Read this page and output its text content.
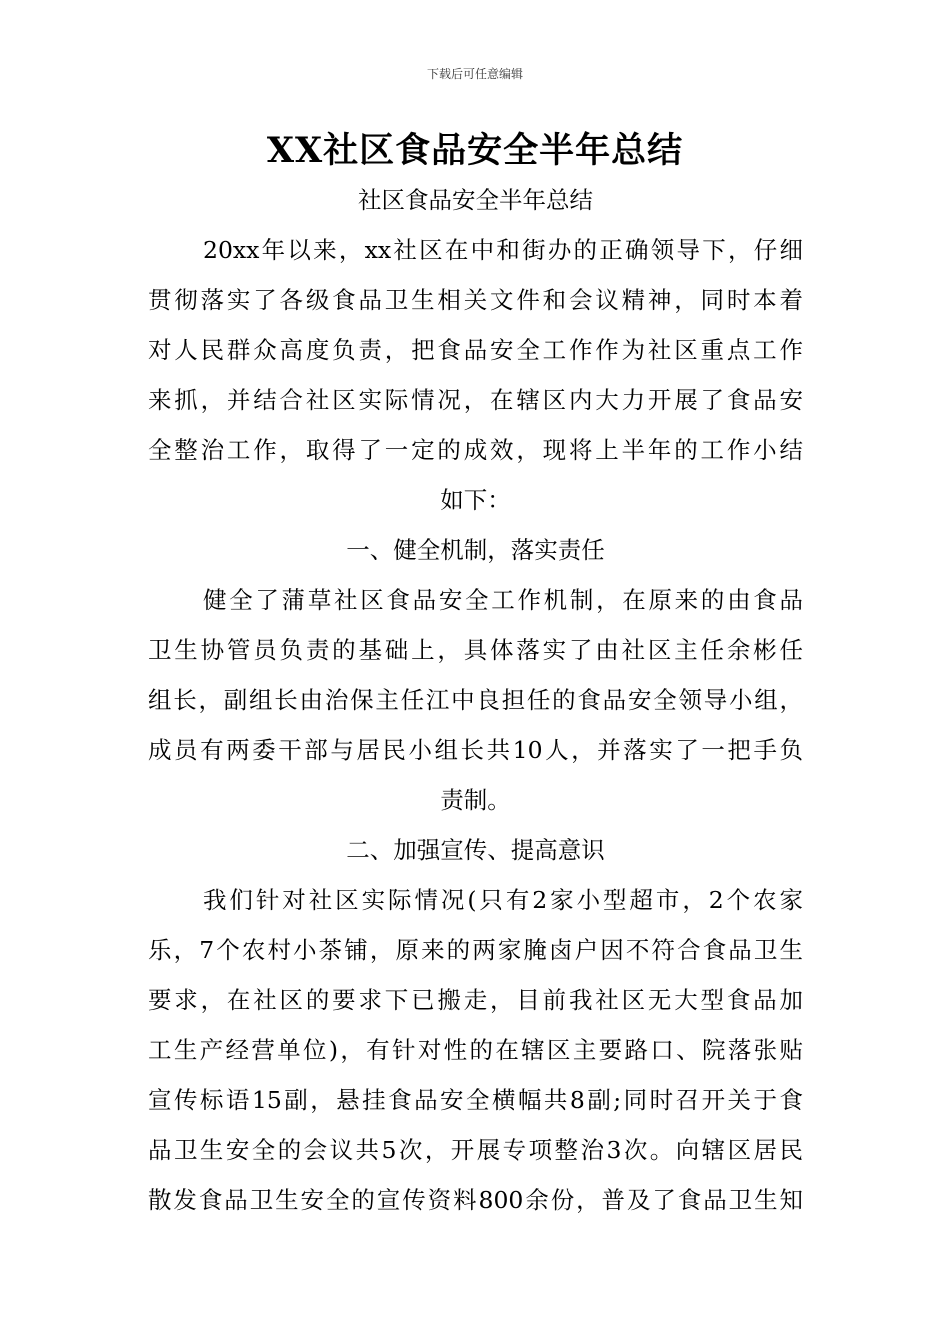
下载后可任意编辑
XX社区食品安全半年总结
社区食品安全半年总结
20xx年以来，xx社区在中和街办的正确领导下，仔细
贯彻落实了各级食品卫生相关文件和会议精神，同时本着
对人民群众高度负责，把食品安全工作作为社区重点工作
来抓，并结合社区实际情况，在辖区内大力开展了食品安
全整治工作，取得了一定的成效，现将上半年的工作小结
如下：
一、健全机制，落实责任
健全了蒲草社区食品安全工作机制，在原来的由食品
卫生协管员负责的基础上，具体落实了由社区主任余彬任
组长，副组长由治保主任江中良担任的食品安全领导小组，
成员有两委干部与居民小组长共10人，并落实了一把手负
责制。
二、加强宣传、提高意识
我们针对社区实际情况(只有2家小型超市，2个农家
乐，7个农村小茶铺，原来的两家腌卤户因不符合食品卫生
要求，在社区的要求下已搬走，目前我社区无大型食品加
工生产经营单位)，有针对性的在辖区主要路口、院落张贴
宣传标语15副，悬挂食品安全横幅共8副;同时召开关于食
品卫生安全的会议共5次，开展专项整治3次。向辖区居民
散发食品卫生安全的宣传资料800余份，普及了食品卫生知
